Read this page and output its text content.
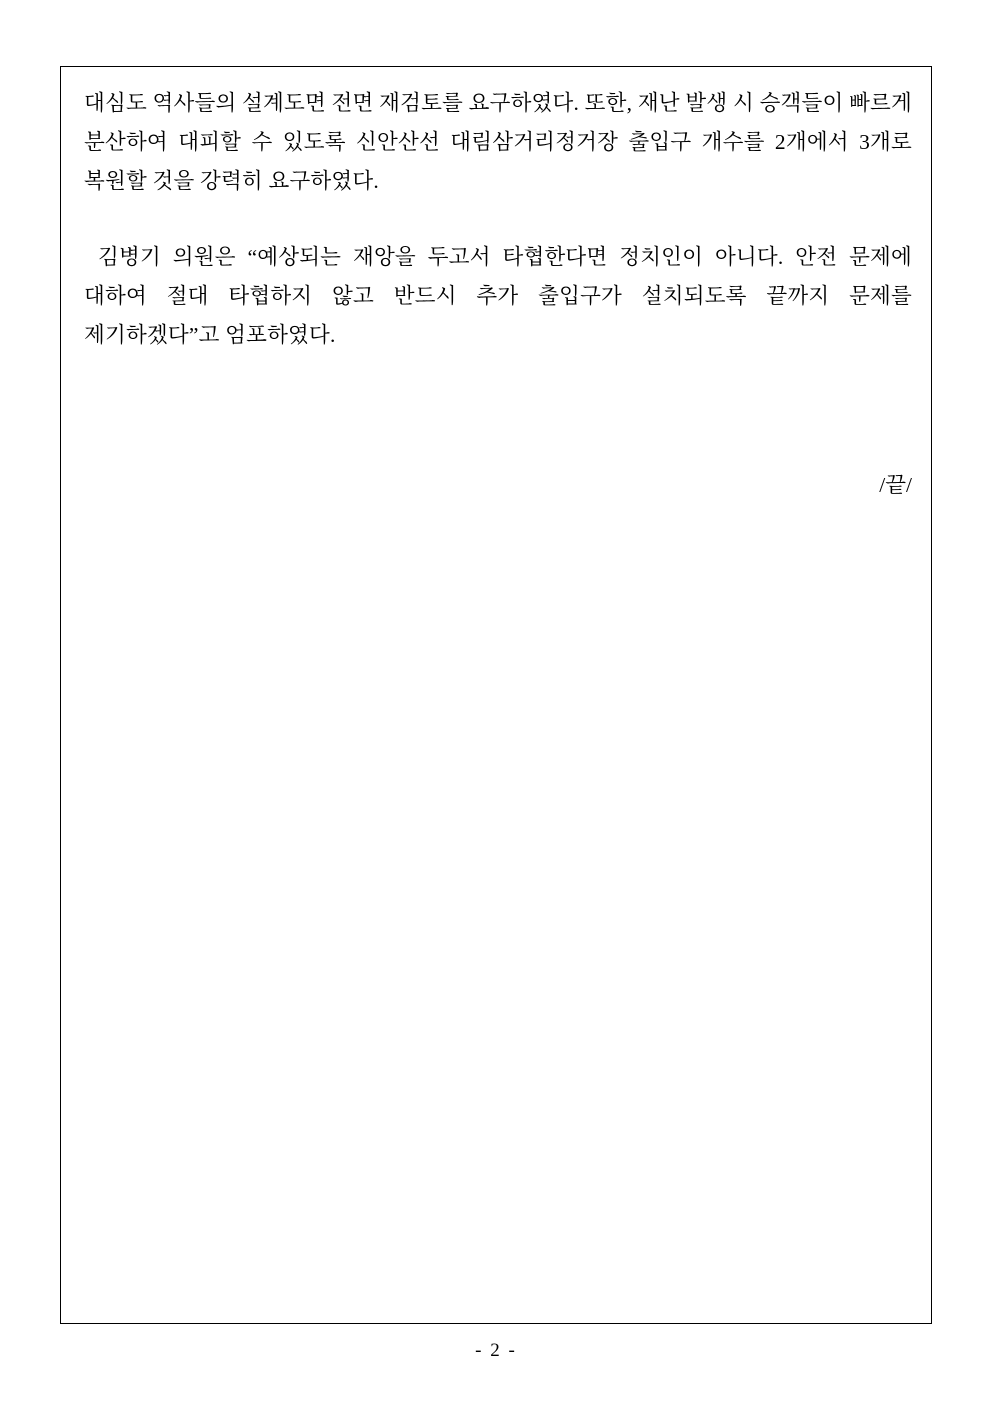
대심도 역사들의 설계도면 전면 재검토를 요구하였다. 또한, 재난 발생 시 승객들이 빠르게 분산하여 대피할 수 있도록 신안산선 대림삼거리정거장 출입구 개수를 2개에서 3개로 복원할 것을 강력히 요구하였다.

김병기 의원은 “예상되는 재앙을 두고서 타협한다면 정치인이 아니다. 안전 문제에 대하여 절대 타협하지 않고 반드시 추가 출입구가 설치되도록 끝까지 문제를 제기하겠다”고 엄포하였다.

/끝/
- 2 -
